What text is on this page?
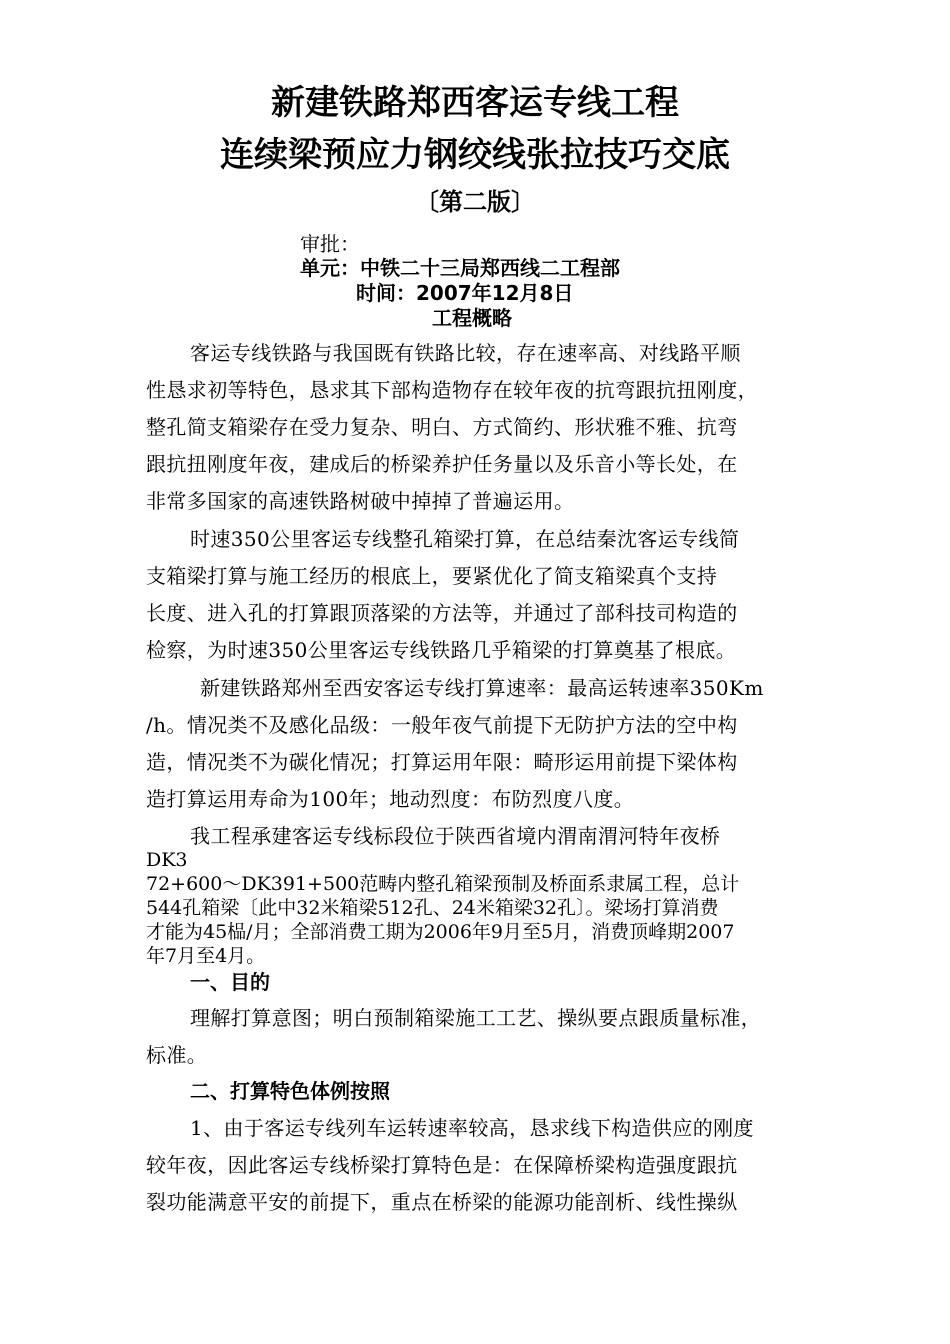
新建铁路郑西客运专线工程
连续梁预应力钢绞线张拉技巧交底
〔第二版〕
审批：
单元：中铁二十三局郑西线二工程部
时间：2007年12月8日
工程概略
客运专线铁路与我国既有铁路比较，存在速率高、对线路平顺
性恳求初等特色，恳求其下部构造物存在较年夜的抗弯跟抗扭刚度，
整孔简支箱梁存在受力复杂、明白、方式简约、形状雅不雅、抗弯
跟抗扭刚度年夜，建成后的桥梁养护任务量以及乐音小等长处，在
非常多国家的高速铁路树破中掉掉了普遍运用。
时速350公里客运专线整孔箱梁打算，在总结秦沈客运专线简
支箱梁打算与施工经历的根底上，要紧优化了简支箱梁真个支持
长度、进入孔的打算跟顶落梁的方法等，并通过了部科技司构造的
检察，为时速350公里客运专线铁路几乎箱梁的打算奠基了根底。
新建铁路郑州至西安客运专线打算速率：最高运转速率350Km
/h。情况类不及感化品级：一般年夜气前提下无防护方法的空中构
造，情况类不为碳化情况；打算运用年限：畸形运用前提下梁体构
造打算运用寿命为100年；地动烈度：布防烈度八度。
我工程承建客运专线标段位于陕西省境内渭南渭河特年夜桥
DK3
72+600～DK391+500范畴内整孔箱梁预制及桥面系隶属工程，总计
544孔箱梁〔此中32米箱梁512孔、24米箱梁32孔〕。梁场打算消费
才能为45榀/月；全部消费工期为2006年9月至5月，消费顶峰期2007
年7月至4月。
一、目的
理解打算意图；明白预制箱梁施工工艺、操纵要点跟质量标准，
标准。
二、打算特色体例按照
1、由于客运专线列车运转速率较高，恳求线下构造供应的刚度
较年夜，因此客运专线桥梁打算特色是：在保障桥梁构造强度跟抗
裂功能满意平安的前提下，重点在桥梁的能源功能剖析、线性操纵
